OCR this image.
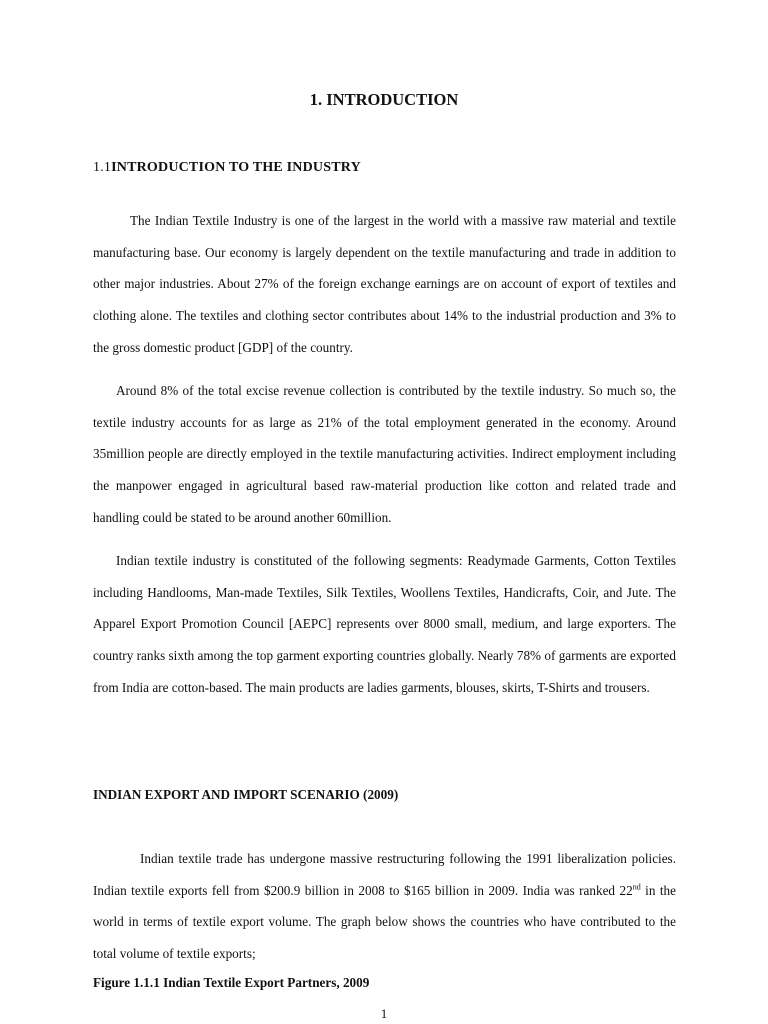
1. INTRODUCTION
1.1INTRODUCTION TO THE INDUSTRY

The Indian Textile Industry is one of the largest in the world with a massive raw material and textile manufacturing base. Our economy is largely dependent on the textile manufacturing and trade in addition to other major industries. About 27% of the foreign exchange earnings are on account of export of textiles and clothing alone. The textiles and clothing sector contributes about 14% to the industrial production and 3% to the gross domestic product [GDP] of the country.

Around 8% of the total excise revenue collection is contributed by the textile industry. So much so, the textile industry accounts for as large as 21% of the total employment generated in the economy. Around 35million people are directly employed in the textile manufacturing activities. Indirect employment including the manpower engaged in agricultural based raw-material production like cotton and related trade and handling could be stated to be around another 60million.

Indian textile industry is constituted of the following segments: Readymade Garments, Cotton Textiles including Handlooms, Man-made Textiles, Silk Textiles, Woollens Textiles, Handicrafts, Coir, and Jute. The Apparel Export Promotion Council [AEPC] represents over 8000 small, medium, and large exporters. The country ranks sixth among the top garment exporting countries globally. Nearly 78% of garments are exported from India are cotton-based. The main products are ladies garments, blouses, skirts, T-Shirts and trousers.

INDIAN EXPORT AND IMPORT SCENARIO (2009)

Indian textile trade has undergone massive restructuring following the 1991 liberalization policies. Indian textile exports fell from $200.9 billion in 2008 to $165 billion in 2009. India was ranked 22nd in the world in terms of textile export volume. The graph below shows the countries who have contributed to the total volume of textile exports;

Figure 1.1.1 Indian Textile Export Partners, 2009

1
